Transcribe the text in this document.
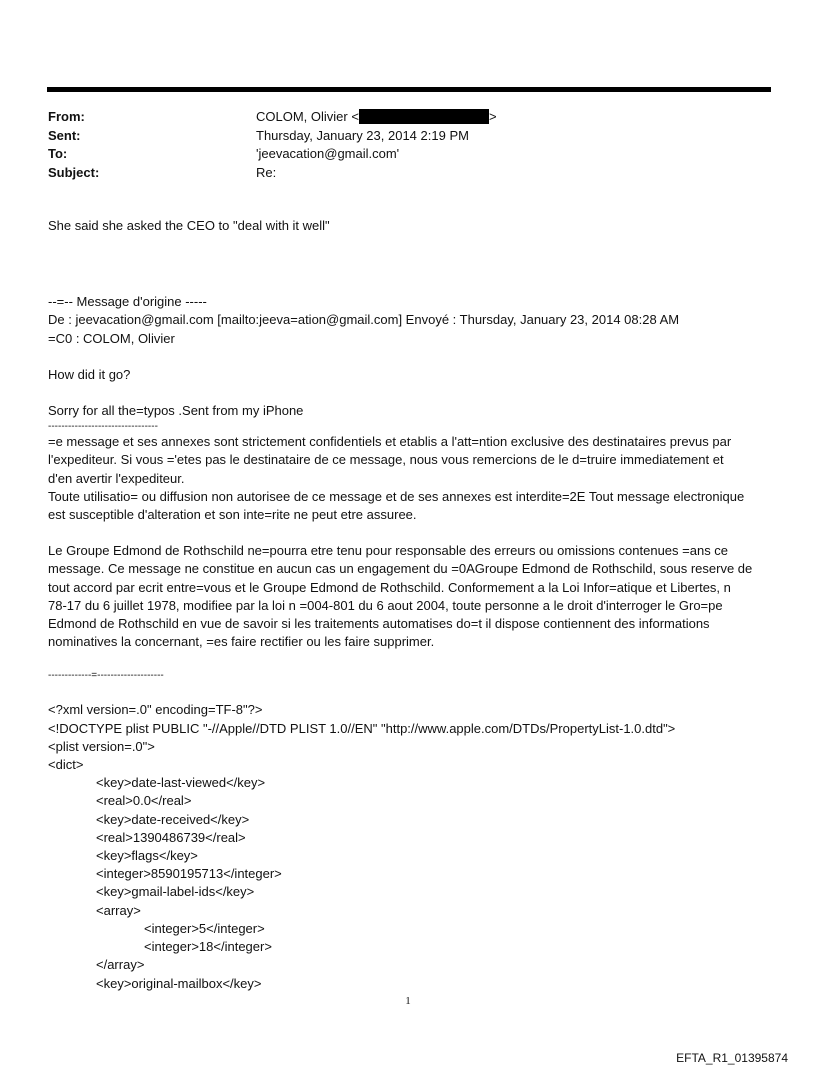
From:	COLOM, Olivier <	>
Sent:	Thursday, January 23, 2014 2:19 PM
To:	'jeevacation@gmail.com'
Subject:	Re:

She said she asked the CEO to "deal with it well"

--=-- Message d'origine -----

De : jeevacation@gmail.com [mailto:jeeva=ation@gmail.com] Envoyé : Thursday, January 23, 2014 08:28 AM

=C0 : COLOM, Olivier

How did it go?

Sorry for all the=typos .Sent from my iPhone

---------------------------------

=e message et ses annexes sont strictement confidentiels et etablis a l'att=ntion exclusive des destinataires prevus par

l'expediteur. Si vous ='etes pas le destinataire de ce message, nous vous remercions de le d=truire immediatement et

d'en avertir l'expediteur.

Toute utilisatio= ou diffusion non autorisee de ce message et de ses annexes est interdite=2E Tout message electronique

est susceptible d'alteration et son inte=rite ne peut etre assuree.

Le Groupe Edmond de Rothschild ne=pourra etre tenu pour responsable des erreurs ou omissions contenues =ans ce

message. Ce message ne constitue en aucun cas un engagement du =0AGroupe Edmond de Rothschild, sous reserve de

tout accord par ecrit entre=vous et le Groupe Edmond de Rothschild. Conformement a la Loi Infor=atique et Libertes, n

78-17 du 6 juillet 1978, modifiee par la loi n =004-801 du 6 aout 2004, toute personne a le droit d'interroger le Gro=pe

Edmond de Rothschild en vue de savoir si les traitements automatises do=t il dispose contiennent des informations

nominatives la concernant, =es faire rectifier ou les faire supprimer.

-------------=--------------------

<?xml version=.0" encoding=TF-8"?>

<!DOCTYPE plist PUBLIC "-//Apple//DTD PLIST 1.0//EN" "http://www.apple.com/DTDs/PropertyList-1.0.dtd">

<plist version=.0">

<dict>

<key>date-last-viewed</key>

<real>0.0</real>

<key>date-received</key>

<real>1390486739</real>

<key>flags</key>

<integer>8590195713</integer>

<key>gmail-label-ids</key>

<array>

<integer>5</integer>

<integer>18</integer>

</array>

<key>original-mailbox</key>

1
EFTA_R1_01395874
